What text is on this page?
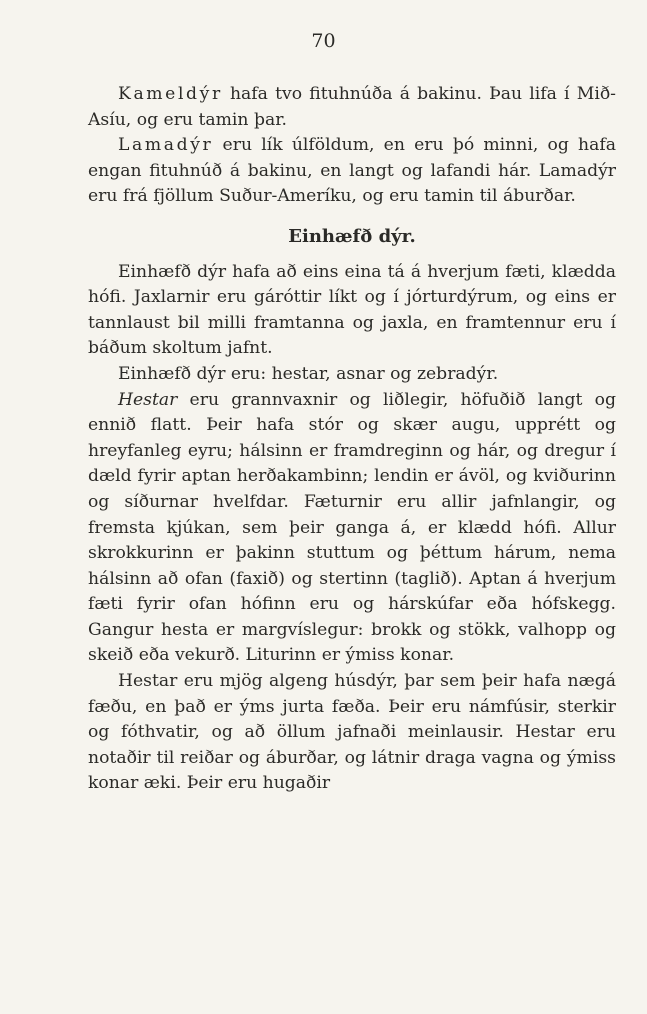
70

Kameldýr hafa tvo fituhnúða á bakinu. Þau lifa í Mið-Asíu, og eru tamin þar.

Lamadýr eru lík úlföldum, en eru þó minni, og hafa engan fituhnúð á bakinu, en langt og lafandi hár. Lamadýr eru frá fjöllum Suður-Ameríku, og eru tamin til áburðar.

Einhæfð dýr.

Einhæfð dýr hafa að eins eina tá á hverjum fæti, klædda hófi. Jaxlarnir eru gáróttir líkt og í jórturdýrum, og eins er tannlaust bil milli framtanna og jaxla, en framtennur eru í báðum skoltum jafnt.

Einhæfð dýr eru: hestar, asnar og zebradýr.

Hestar eru grannvaxnir og liðlegir, höfuðið langt og ennið flatt. Þeir hafa stór og skær augu, upprétt og hreyfanleg eyru; hálsinn er framdreginn og hár, og dregur í dæld fyrir aptan herðakambinn; lendin er ávöl, og kviðurinn og síðurnar hvelfdar. Fæturnir eru allir jafnlangir, og fremsta kjúkan, sem þeir ganga á, er klædd hófi. Allur skrokkurinn er þakinn stuttum og þéttum hárum, nema hálsinn að ofan (faxið) og stertinn (taglið). Aptan á hverjum fæti fyrir ofan hófinn eru og hárskúfar eða hófskegg. Gangur hesta er margvíslegur: brokk og stökk, valhopp og skeið eða vekurð. Liturinn er ýmiss konar.

Hestar eru mjög algeng húsdýr, þar sem þeir hafa nægá fæðu, en það er ýms jurta fæða. Þeir eru námfúsir, sterkir og fóthvatir, og að öllum jafnaði meinlausir. Hestar eru notaðir til reiðar og áburðar, og látnir draga vagna og ýmiss konar æki. Þeir eru hugaðir
